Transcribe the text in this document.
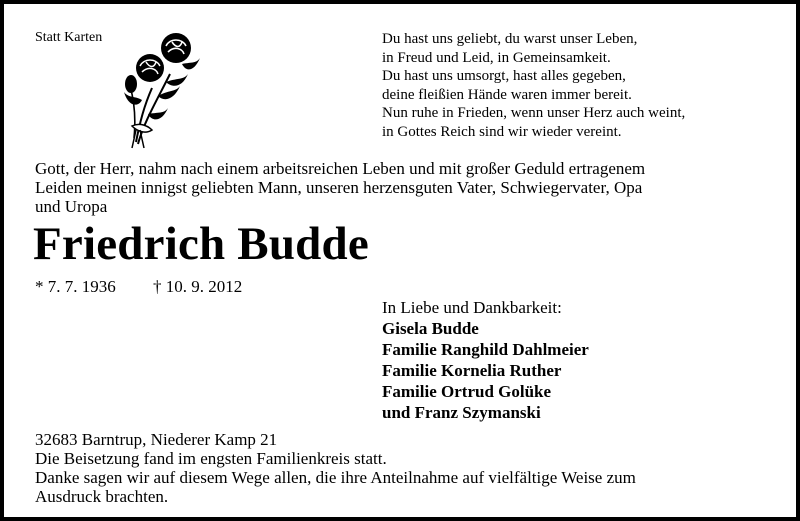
Statt Karten	Du hast uns geliebt, du warst unser Leben,
in Freud und Leid, in Gemeinsamkeit.
Du hast uns umsorgt, hast alles gegeben,
deine fleißien Hände waren immer bereit.
Nun ruhe in Frieden, wenn unser Herz auch weint,
in Gottes Reich sind wir wieder vereint.
Gott, der Herr, nahm nach einem arbeitsreichen Leben und mit großer Geduld ertragenem
Leiden meinen innigst geliebten Mann, unseren herzensguten Vater, Schwiegervater, Opa
und Uropa
Friedrich Budde
* 7. 7. 1936 † 10. 9. 2012
In Liebe und Dankbarkeit:
Gisela Budde
Familie Ranghild Dahlmeier
Familie Kornelia Ruther
Familie Ortrud Golüke
und Franz Szymanski
32683 Barntrup, Niederer Kamp 21
Die Beisetzung fand im engsten Familienkreis statt.
Danke sagen wir auf diesem Wege allen, die ihre Anteilnahme auf vielfältige Weise zum
Ausdruck brachten.
